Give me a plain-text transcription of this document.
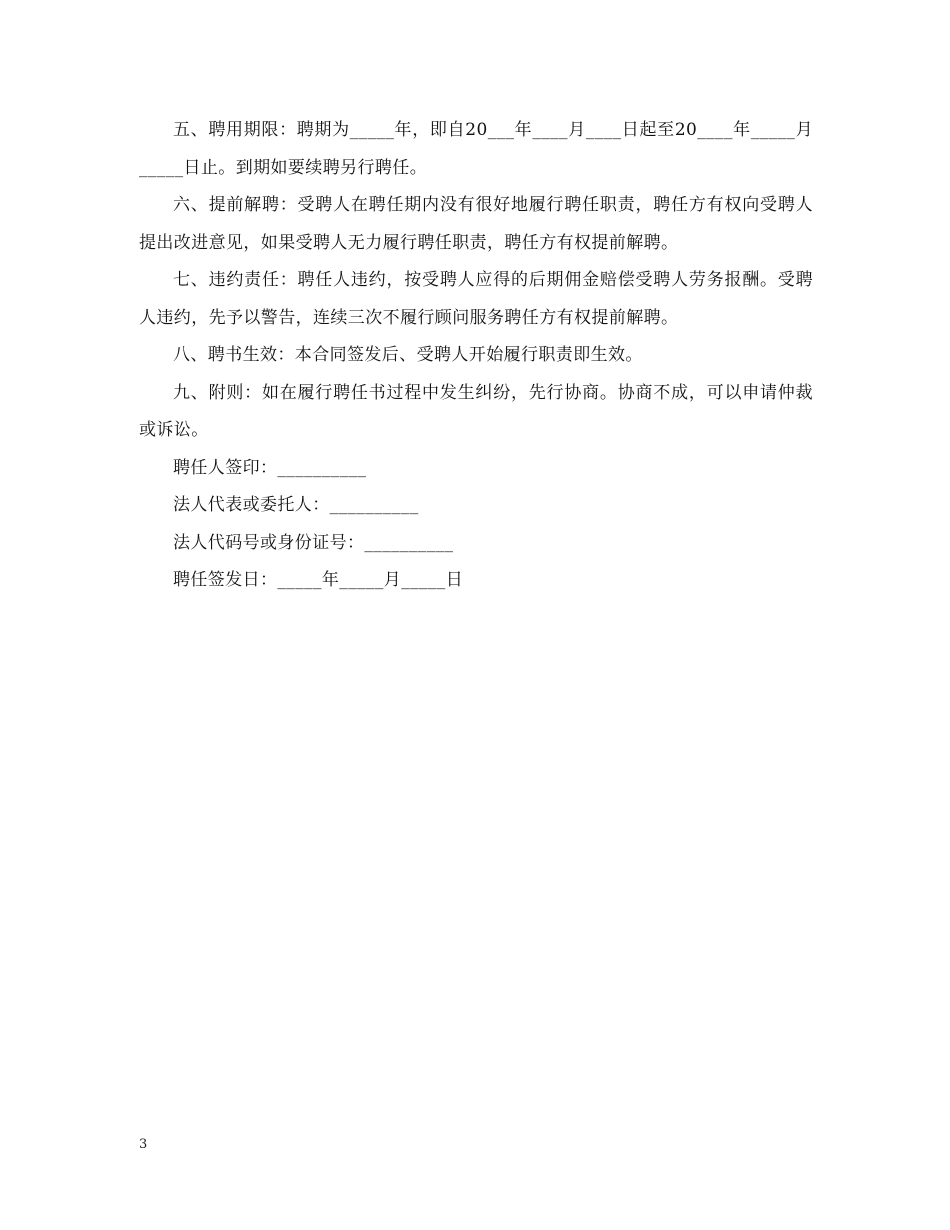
五、聘用期限：聘期为_____年，即自20___年____月____日起至20____年_____月_____日止。到期如要续聘另行聘任。

六、提前解聘：受聘人在聘任期内没有很好地履行聘任职责，聘任方有权向受聘人提出改进意见，如果受聘人无力履行聘任职责，聘任方有权提前解聘。

七、违约责任：聘任人违约，按受聘人应得的后期佣金赔偿受聘人劳务报酬。受聘人违约，先予以警告，连续三次不履行顾问服务聘任方有权提前解聘。

八、聘书生效：本合同签发后、受聘人开始履行职责即生效。

九、附则：如在履行聘任书过程中发生纠纷，先行协商。协商不成，可以申请仲裁或诉讼。

聘任人签印：__________

法人代表或委托人：__________

法人代码号或身份证号：__________

聘任签发日：_____年_____月_____日

3
